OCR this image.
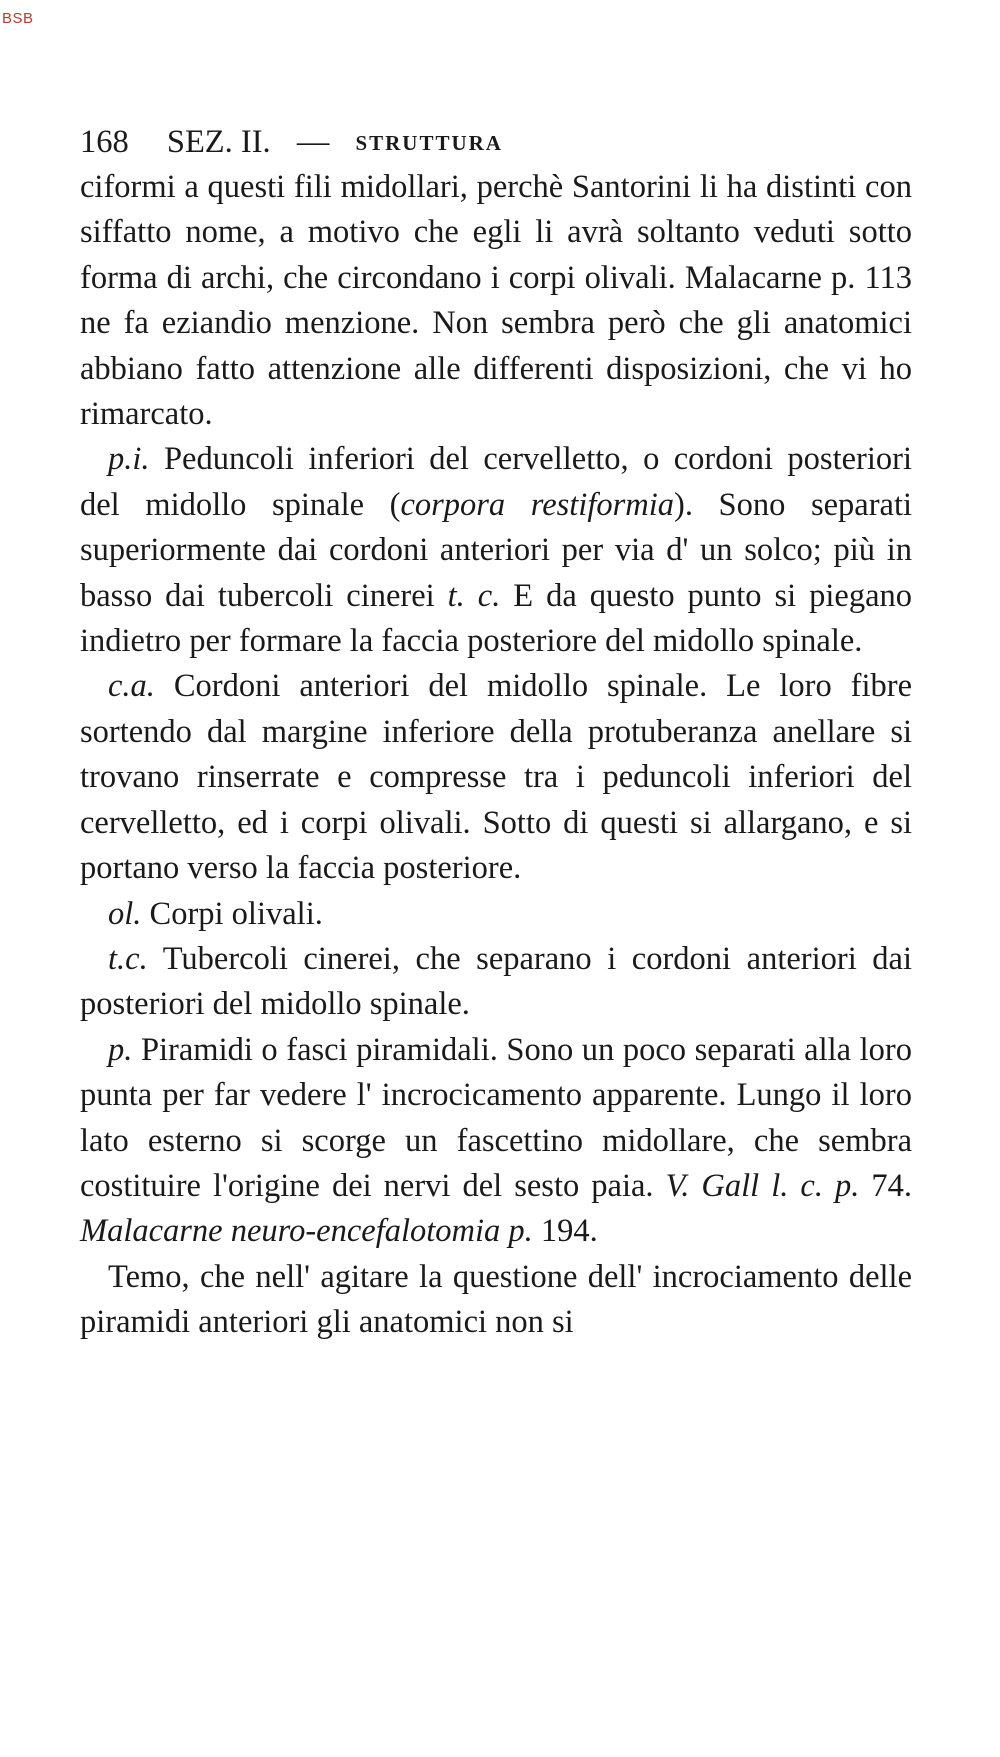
BSB
168 SEZ. II. — STRUTTURA

ciformi a questi fili midollari, perchè Santorini li ha distinti con siffatto nome, a motivo che egli li avrà soltanto veduti sotto forma di archi, che circondano i corpi olivali. Malacarne p. 113 ne fa eziandio menzione. Non sembra però che gli anatomici abbiano fatto attenzione alle differenti disposizioni, che vi ho rimarcato.

p.i. Peduncoli inferiori del cervelletto, o cordoni posteriori del midollo spinale (corpora restiformia). Sono separati superiormente dai cordoni anteriori per via d' un solco; più in basso dai tubercoli cinerei t. c. E da questo punto si piegano indietro per formare la faccia posteriore del midollo spinale.

c.a. Cordoni anteriori del midollo spinale. Le loro fibre sortendo dal margine inferiore della protuberanza anellare si trovano rinserrate e compresse tra i peduncoli inferiori del cervelletto, ed i corpi olivali. Sotto di questi si allargano, e si portano verso la faccia posteriore.

ol. Corpi olivali.

t.c. Tubercoli cinerei, che separano i cordoni anteriori dai posteriori del midollo spinale.

p. Piramidi o fasci piramidali. Sono un poco separati alla loro punta per far vedere l' incrocicamento apparente. Lungo il loro lato esterno si scorge un fascettino midollare, che sembra costituire l'origine dei nervi del sesto paia. V. Gall l. c. p. 74. Malacarne neuro-encefalotomia p. 194.

Temo, che nell' agitare la questione dell' incrociamento delle piramidi anteriori gli anatomici non si
